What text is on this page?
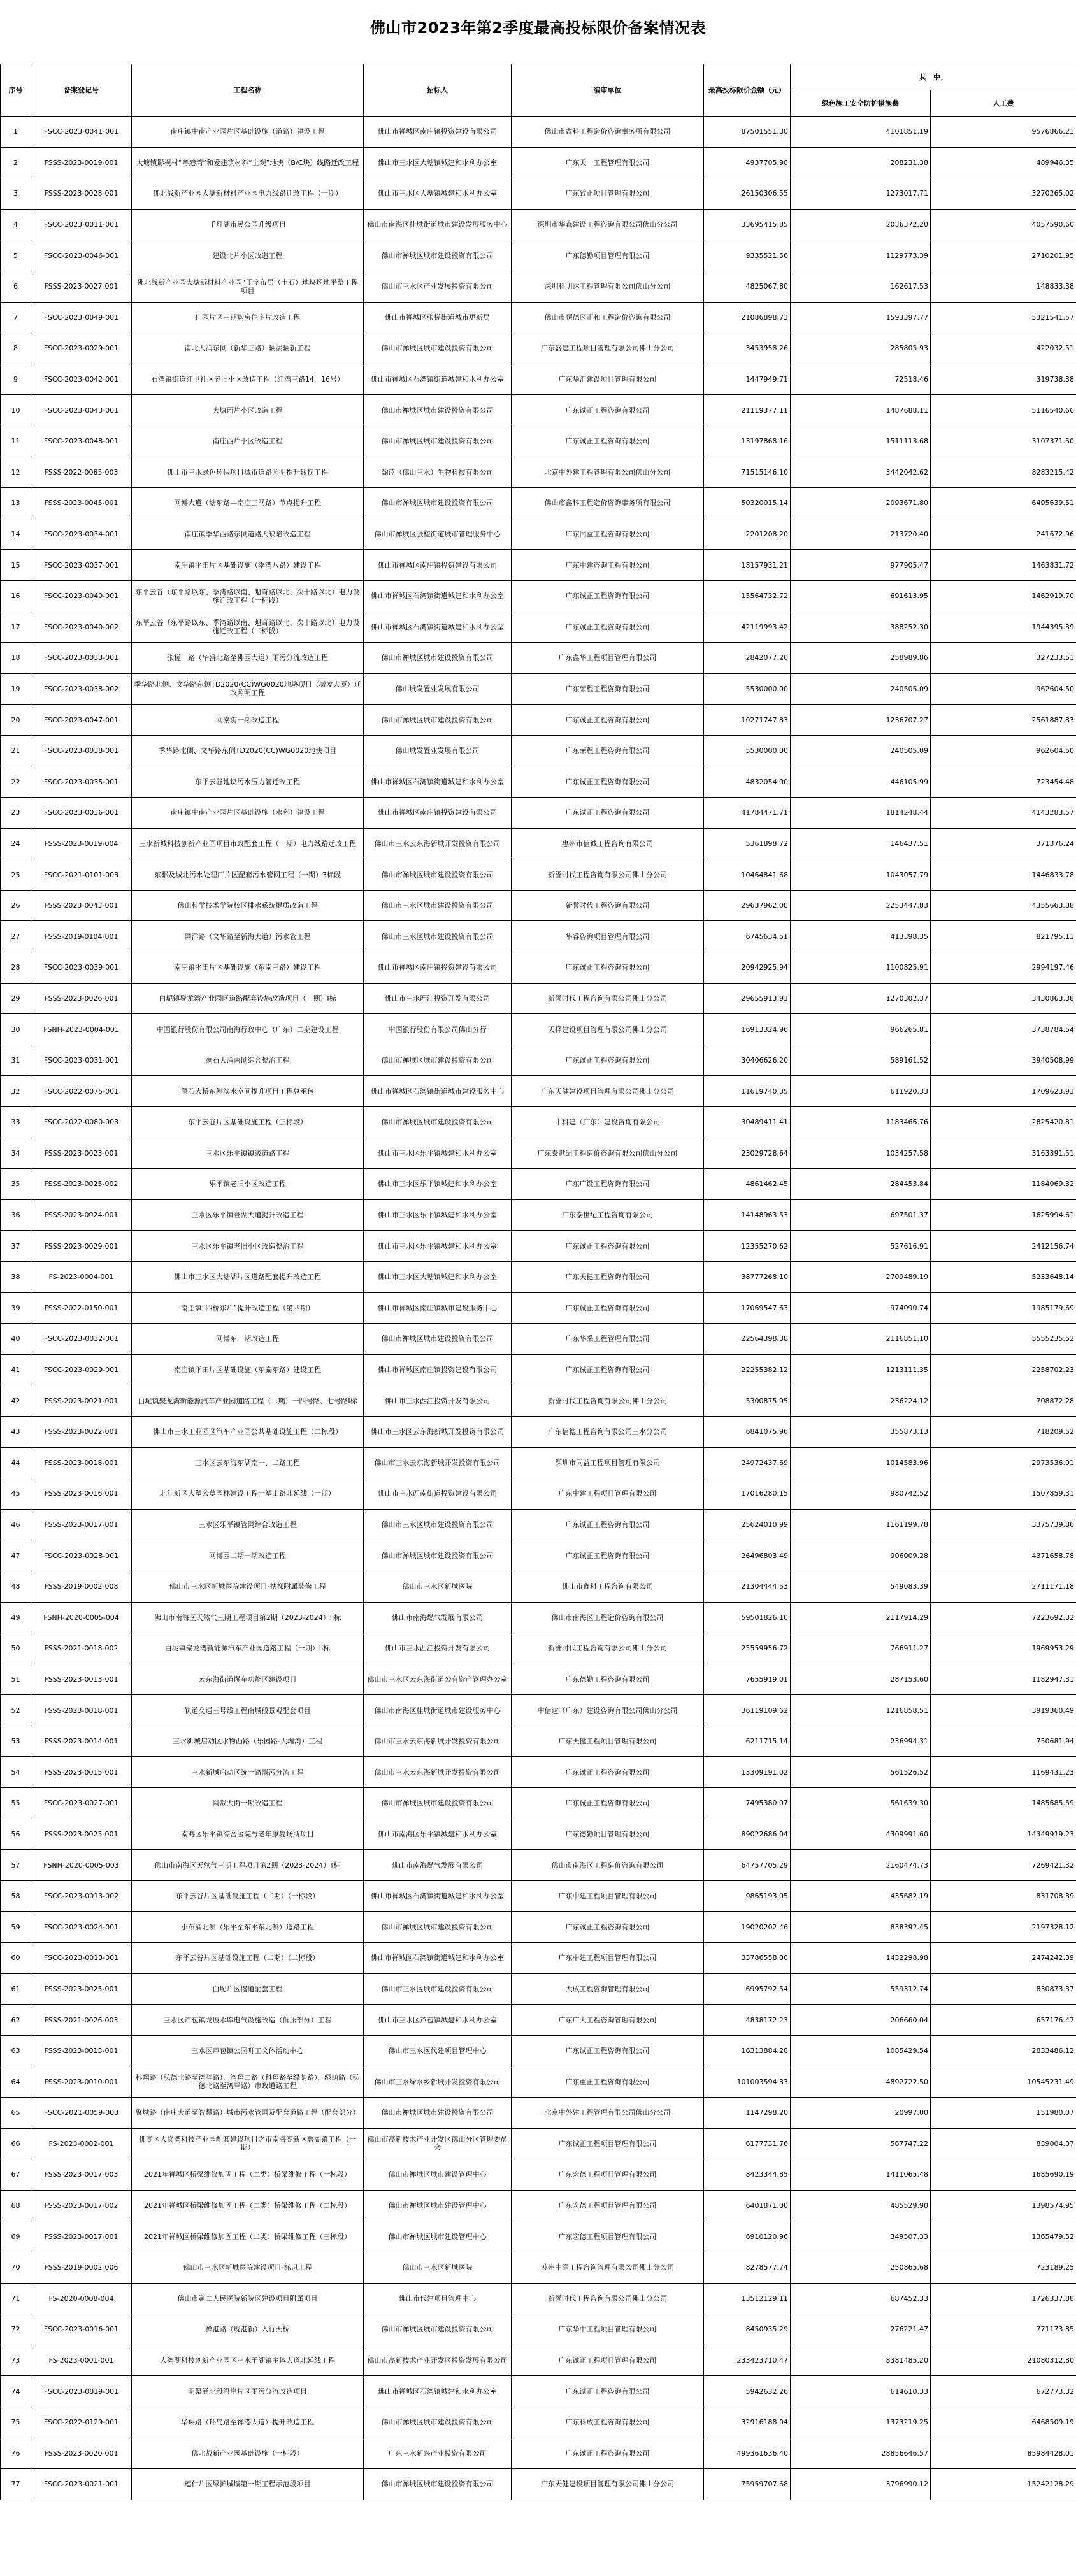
佛山市2023年第2季度最高投标限价备案情况表
序号	备案登记号	工程名称	招标人	编审单位	最高投标限价金额（元）	其　中：	
						绿色施工安全防护措施费	人工费
1	FSCC-2023-0041-001	南庄镇中南产业园片区基础设施（道路）建设工程	佛山市禅城区南庄镇投资建设有限公司	佛山市鑫科工程造价咨询事务所有限公司	87501551.30	4101851.19	9576866.21
2	FSSS-2023-0019-001	大塘镇影视村“粤港湾”和爱建筑材料“上观”地块（B/C块）线路迁改工程	佛山市三水区大塘镇城建和水利办公室	广东天一工程管理有限公司	4937705.98	208231.38	489946.35
3	FSSS-2023-0028-001	佛北战新产业园大塘新材料产业园电力线路迁改工程（一期）	佛山市三水区大塘镇城建和水利办公室	广东致正项目管理有限公司	26150306.55	1273017.71	3270265.02
4	FSCC-2023-0011-001	千灯湖市民公园升级项目	佛山市南海区桂城街道城市建设发展服务中心	深圳市华森建设工程咨询有限公司佛山分公司	33695415.85	2036372.20	4057590.60
5	FSCC-2023-0046-001	建设北片小区改造工程	佛山市禅城区城市建设投资有限公司	广东德勤项目管理有限公司	9335521.56	1129773.39	2710201.95
6	FSSS-2023-0027-001	佛北战新产业园大塘新材料产业园“王字布局”（土石）地块场地平整工程项目	佛山市三水区产业发展投资有限公司	深圳科明达工程管理有限公司佛山分公司	4825067.80	162617.53	148833.38
7	FSCC-2023-0049-001	佳园片区三期购房住宅片改造工程	佛山市禅城区张槎街道城市更新局	佛山市顺德区正和工程造价咨询有限公司	21086898.73	1593397.77	5321541.57
8	FSCC-2023-0029-001	南北大涌东侧（新华三路）翻漏翻新工程	佛山市禅城区城市建设投资有限公司	广东盛建工程项目管理有限公司佛山分公司	3453958.26	285805.93	422032.51
9	FSCC-2023-0042-001	石湾镇街道红卫社区老旧小区改造工程（红湾三路14、16号）	佛山市禅城区石湾镇街道城建和水利办公室	广东华汇建设项目管理有限公司	1447949.71	72518.46	319738.38
10	FSCC-2023-0043-001	大塘西片小区改造工程	佛山市禅城区城市建设投资有限公司	广东诚正工程咨询有限公司	21119377.11	1487688.11	5116540.66
11	FSCC-2023-0048-001	南庄西片小区改造工程	佛山市禅城区城市建设投资有限公司	广东诚正工程咨询有限公司	13197868.16	1511113.68	3107371.50
12	FSSS-2022-0085-003	佛山市三水绿色环保项目城市道路照明提升转换工程	翰蓝（佛山三水）生物科技有限公司	北京中外建工程管理有限公司佛山分公司	71515146.10	3442042.62	8283215.42
13	FSSS-2023-0045-001	网博大道（塘东路—南庄三马路）节点提升工程	佛山市禅城区城市建设投资有限公司	佛山市鑫科工程造价咨询事务所有限公司	50320015.14	2093671.80	6495639.51
14	FSCC-2023-0034-001	南庄镇季华西路东侧道路大缺陷改造工程	佛山市禅城区张槎街道城市管理服务中心	广东同益工程咨询有限公司	2201208.20	213720.40	241672.96
15	FSCC-2023-0037-001	南庄镇平田片区基础设施（季湾八路）建设工程	佛山市禅城区南庄镇投资建设有限公司	广东中建咨询工程有限公司	18157931.21	977905.47	1463831.72
16	FSCC-2023-0040-001	东平云谷（东平路以东、季湾路以南、魁奇路以北、次十路以北）电力设施迁改工程（一标段）	佛山市禅城区石湾镇街道城建和水利办公室	广东诚正工程咨询有限公司	15564732.72	691613.95	1462919.70
17	FSCC-2023-0040-002	东平云谷（东平路以东、季湾路以南、魁奇路以北、次十路以北）电力设施迁改工程（二标段）	佛山市禅城区石湾镇街道城建和水利办公室	广东诚正工程咨询有限公司	42119993.42	388252.30	1944395.39
18	FSCC-2023-0033-001	张槎一路（华盛北路至佛西大道）雨污分流改造工程	佛山市禅城区城市建设投资有限公司	广东鑫华工程项目管理有限公司	2842077.20	258989.86	327233.51
19	FSCC-2023-0038-002	季华路北侧、文华路东侧TD2020(CC)WG0020地块项目（城发大厦）迁改照明工程	佛山城发置业发展有限公司	广东荣程工程咨询有限公司	5530000.00	240505.09	962604.50
20	FSCC-2023-0047-001	网泰街一期改造工程	佛山市禅城区城市建设投资有限公司	广东诚正工程咨询有限公司	10271747.83	1236707.27	2561887.83
21	FSCC-2023-0038-001	季华路北侧、文华路东侧TD2020(CC)WG0020地块项目	佛山城发置业发展有限公司	广东荣程工程咨询有限公司	5530000.00	240505.09	962604.50
22	FSCC-2023-0035-001	东平云谷地块污水压力管迁改工程	佛山市禅城区石湾镇街道城建和水利办公室	广东诚正工程咨询有限公司	4832054.00	446105.99	723454.48
23	FSCC-2023-0036-001	南庄镇中南产业园片区基础设施（水利）建设工程	佛山市禅城区南庄镇投资建设有限公司	广东诚正工程咨询有限公司	41784471.71	1814248.44	4143283.57
24	FSSS-2023-0019-004	三水新城科技创新产业园项目市政配套工程（一期）电力线路迁改工程	佛山市三水云东海新城开发投资有限公司	惠州市信诚工程咨询有限公司	5361898.72	146437.51	371376.24
25	FSCC-2021-0101-003	东鄱及城北污水处理厂片区配套污水管网工程（一期）3标段	佛山市禅城区城市建设投资有限公司	新誉时代工程咨询有限公司佛山分公司	10464841.68	1043057.79	1446833.78
26	FSSS-2023-0043-001	佛山科学技术学院校区排水系统提质改造工程	佛山市三水区城市建设投资有限公司	新誉时代工程咨询有限公司	29637962.08	2253447.83	4355663.88
27	FSSS-2019-0104-001	网洋路（文华路至新海大道）污水管工程	佛山市三水区城市建设投资有限公司	华睿咨询项目管理有限公司	6745634.51	413398.35	821795.11
28	FSCC-2023-0039-001	南庄镇平田片区基础设施（东南三路）建设工程	佛山市禅城区南庄镇投资建设有限公司	广东诚正工程咨询有限公司	20942925.94	1100825.91	2994197.46
29	FSSS-2023-0026-001	白坭镇聚龙湾产业园区道路配套设施改造项目（一期）Ⅰ标	佛山市三水西江投资开发有限公司	新誉时代工程咨询有限公司佛山分公司	29655913.93	1270302.37	3430863.38
30	FSNH-2023-0004-001	中国银行股份有限公司南海行政中心（广东）二期建设工程	中国银行股份有限公司佛山分行	天择建设项目管理有限公司佛山分公司	16913324.96	966265.81	3738784.54
31	FSCC-2023-0031-001	澜石大涌两侧综合整治工程	佛山市禅城区城市建设投资有限公司	广东诚正工程咨询有限公司	30406626.20	589161.52	3940508.99
32	FSCC-2022-0075-001	澜石大桥东侧滨水空间提升项目工程总承包	佛山市禅城区石湾镇街道城市建设服务中心	广东天健建设项目管理有限公司佛山分公司	11619740.35	611920.33	1709623.93
33	FSCC-2022-0080-003	东平云谷片区基础设施工程（三标段）	佛山市禅城区城市建设投资有限公司	中科建（广东）建设咨询有限公司	30489411.41	1183466.76	2825420.81
34	FSSS-2023-0023-001	三水区乐平镇镇级道路工程	佛山市三水区乐平镇城建和水利办公室	广东泰世纪工程造价咨询有限公司佛山分公司	23029728.64	1034257.58	3163391.51
35	FSSS-2023-0025-002	乐平镇老旧小区改造工程	佛山市三水区乐平镇城建和水利办公室	广东广设工程咨询有限公司	4861462.45	284453.84	1184069.32
36	FSSS-2023-0024-001	三水区乐平镇登湖大道提升改造工程	佛山市三水区乐平镇城建和水利办公室	广东泰世纪工程咨询有限公司	14148963.53	697501.37	1625994.61
37	FSSS-2023-0029-001	三水区乐平镇老旧小区改造整治工程	佛山市三水区乐平镇城建和水利办公室	广东诚正工程咨询有限公司	12355270.62	527616.91	2412156.74
38	FS-2023-0004-001	佛山市三水区大塘湖片区道路配套提升改造工程	佛山市三水区大塘镇城建和水利办公室	广东天健工程咨询有限公司	38777268.10	2709489.19	5233648.14
39	FSSS-2022-0150-001	南庄镇“四桥东片”提升改造工程（第四期）	佛山市禅城区南庄镇城市建设服务中心	广东诚正工程咨询有限公司	17069547.63	974090.74	1985179.69
40	FSCC-2023-0032-001	网博东一期改造工程	佛山市禅城区城市建设投资有限公司	广东华采工程管理有限公司	22564398.38	2116851.10	5555235.52
41	FSCC-2023-0029-001	南庄镇平田片区基础设施（东泰东路）建设工程	佛山市禅城区南庄镇投资建设有限公司	广东诚正工程咨询有限公司	22255382.12	1213111.35	2258702.23
42	FSSS-2023-0021-001	白坭镇聚龙湾新能源汽车产业园道路工程（二期）一四号路、七号路Ⅰ标	佛山市三水西江投资开发有限公司	新誉时代工程咨询有限公司佛山分公司	5300875.95	236224.12	708872.28
43	FSSS-2023-0022-001	佛山市三水工业园区汽车产业园公共基础设施工程（二标段）	佛山市三水区云东海新城开发投资有限公司	广东信德工程咨询有限公司三水分公司	6841075.96	355873.13	718209.52
44	FSSS-2023-0018-001	三水区云东海东湖南一、二路工程	佛山市三水云东海新城开发投资有限公司	深圳市同益工程项目管理有限公司	24972437.69	1014583.96	2973536.01
45	FSSS-2023-0016-001	北江新区大塑公墓园林建设工程一塑山路北延线（一期）	佛山市三水西南街道投资建设有限公司	广东中建工程项目管理有限公司	17016280.15	980742.52	1507859.31
46	FSSS-2023-0017-001	三水区乐平镇管网综合改造工程	佛山市三水区城市建设投资有限公司	广东诚正工程咨询有限公司	25624010.99	1161199.78	3375739.86
47	FSCC-2023-0028-001	网博西二期一期改造工程	佛山市禅城区城市建设投资有限公司	广东诚正工程咨询有限公司	26496803.49	906009.28	4371658.78
48	FSSS-2019-0002-008	佛山市三水区新城医院建设项目-扶梯附属装修工程	佛山市三水区新城医院	佛山市鑫科工程咨询有限公司	21304444.53	549083.39	2711171.18
49	FSNH-2020-0005-004	佛山市南海区天然气三期工程项目第2期（2023-2024）ⅠⅠ标	佛山市南海燃气发展有限公司	佛山市南海区工程造价咨询有限公司	59501826.10	2117914.29	7223692.32
50	FSSS-2021-0018-002	白坭镇聚龙湾新能源汽车产业园道路工程（一期）ⅠⅠ标	佛山市三水西江投资开发有限公司	新誉时代工程咨询有限公司佛山分公司	25559956.72	766911.27	1969953.29
51	FSSS-2023-0013-001	云东海街道慢车功能区建设项目	佛山市三水区云东海街道公有资产管理办公室	广东德勤工程咨询有限公司	7655919.01	287153.60	1182947.31
52	FSSS-2023-0018-001	轨道交通三号线工程南城段景观配套项目	佛山市南海区桂城街道城市建设服务中心	中信达（广东）建设咨询有限公司佛山分公司	36119109.62	1216858.51	3919360.49
53	FSSS-2023-0014-001	三水新城启动区水物西路（乐园路-大塘湾）工程	佛山市三水云东海新城开发投资有限公司	广东天健工程项目管理有限公司	6211715.14	236994.31	750681.94
54	FSSS-2023-0015-001	三水新城启动区统一路雨污分流工程	佛山市三水云东海新城开发投资有限公司	广东诚正工程咨询有限公司	13309191.02	561526.52	1169431.23
55	FSCC-2023-0027-001	网裁大街一期改造工程	佛山市禅城区城市建设投资有限公司	广东诚正工程咨询有限公司	7495380.07	561639.30	1485685.59
56	FSSS-2023-0025-001	南海区乐平镇综合医院与老年康复场所项目	佛山市南海区乐平镇城建和水利办公室	广东德勤项目管理有限公司	89022686.04	4309991.60	14349919.23
57	FSNH-2020-0005-003	佛山市南海区天然气三期工程项目第2期（2023-2024）Ⅱ标	佛山市南海燃气发展有限公司	佛山市南海区工程造价咨询有限公司	64757705.29	2160474.73	7269421.32
58	FSCC-2023-0013-002	东平云谷片区基础设施工程（二期）（一标段）	佛山市禅城区石湾镇街道城建和水利办公室	广东中建工程项目管理有限公司	9865193.05	435682.19	831708.39
59	FSCC-2023-0024-001	小布涌北侧（乐平至东平东北侧）道路工程	佛山市禅城区城市建设投资有限公司	广东诚正工程咨询有限公司	19020202.46	838392.45	2197328.12
60	FSCC-2023-0013-001	东平云谷片区基础设施工程（二期）（二标段）	佛山市禅城区石湾镇街道城建和水利办公室	广东中建工程项目管理有限公司	33786558.00	1432298.98	2474242.39
61	FSSS-2023-0025-001	白坭片区慢道配套工程	佛山市三水区城市建设投资有限公司	大成工程咨询管理有限公司	6995792.54	559312.74	830873.37
62	FSSS-2021-0026-003	三水区芦苞镇龙坡水库电气设施改造（低压部分）工程	佛山市三水区芦苞镇城建和水利办公室	广东广大工程咨询管理有限公司	4838172.23	206660.04	657176.47
63	FSSS-2023-0013-001	三水区芦苞镇公园町工文体活动中心	佛山市三水区代建项目管理中心	广东诚正工程咨询有限公司	16313884.28	1085429.54	2833486.12
64	FSSS-2023-0010-001	科翔路（弘德北路至湾畔路）、湾翔二路（科翔路至绿荫路），绿荫路（弘德北路至湾畔路）市政道路工程	佛山市三水绿水乡新城开发投资有限公司	广东重正工程咨询有限公司	101003594.33	4892722.50	10545231.49
65	FSCC-2021-0059-003	聚城路（南庄大道至智慧路）城市污水管网及配套道路工程（配套部分）	佛山市禅城区城市建设投资有限公司	北京中外建工程管理有限公司佛山分公司	1147298.20	20997.00	151980.07
66	FS-2023-0002-001	佛高区大岗湾科技产业园配套建设项目之市南海高新区碧湖镇工程（一期）	佛山市高新技术产业开发区佛山分区管理委员会	广东诚正工程项目管理有限公司	6177731.76	567747.22	839004.07
67	FSSS-2023-0017-003	2021年禅城区桥梁维修加固工程（二类）桥梁维修工程（一标段）	佛山市禅城区城市建设管理中心	广东宏德工程项目管理有限公司	8423344.85	1411065.48	1685690.19
68	FSSS-2023-0017-002	2021年禅城区桥梁维修加固工程（二类）桥梁维修工程（二标段）	佛山市禅城区城市建设管理中心	广东宏德工程项目管理有限公司	6401871.00	485529.90	1398574.95
69	FSSS-2023-0017-001	2021年禅城区桥梁维修加固工程（二类）桥梁维修工程（三标段）	佛山市禅城区城市建设管理中心	广东宏德工程项目管理有限公司	6910120.96	349507.33	1365479.52
70	FSSS-2019-0002-006	佛山市三水区新城医院建设项目-标识工程	佛山市三水区新城医院	苏州中润工程咨询管理有限公司佛山分公司	8278577.74	250865.68	723189.25
71	FS-2020-0008-004	佛山市第二人民医院新院区建设项目附属项目	佛山市代建项目管理中心	新誉时代工程咨询有限公司佛山分公司	13512129.11	687452.33	1726337.88
72	FSCC-2023-0016-001	禅港路（现港新）入行天桥	佛山市禅城区城市建设投资有限公司	广东华中工程项目管理有限公司	8450935.29	276221.47	771173.85
73	FS-2023-0001-001	大湾湖科技创新产业园区三水干湖镇主体大道北延线工程	佛山市高新技术产业开发区投资发展有限公司	广东诚正工程项目管理有限公司	233423710.47	8381485.20	21080312.80
74	FSCC-2023-0019-001	明渠涌北段沿岸片区雨污分流改造项目	佛山市禅城区石湾镇城建和水利办公室	广东诚正工程咨询有限公司	5942632.26	614610.33	672773.32
75	FSCC-2022-0129-001	华翔路（环岛路至禅港大道）提升改造工程	佛山市禅城区城市建设投资有限公司	广东科成工程咨询有限公司	32916188.04	1373219.25	6468509.19
76	FSSS-2023-0020-001	佛北战新产业园基础设施（一标段）	广东三水新兴产业投资有限公司	广东诚正工程咨询有限公司	499361636.40	28856646.57	85984428.01
77	FSCC-2023-0021-001	莲什片区绿护城墙第一期工程示范段项目	佛山市禅城区城市建设投资有限公司	广东天健建设项目管理有限公司佛山分公司	75959707.68	3796990.12	15242128.29
